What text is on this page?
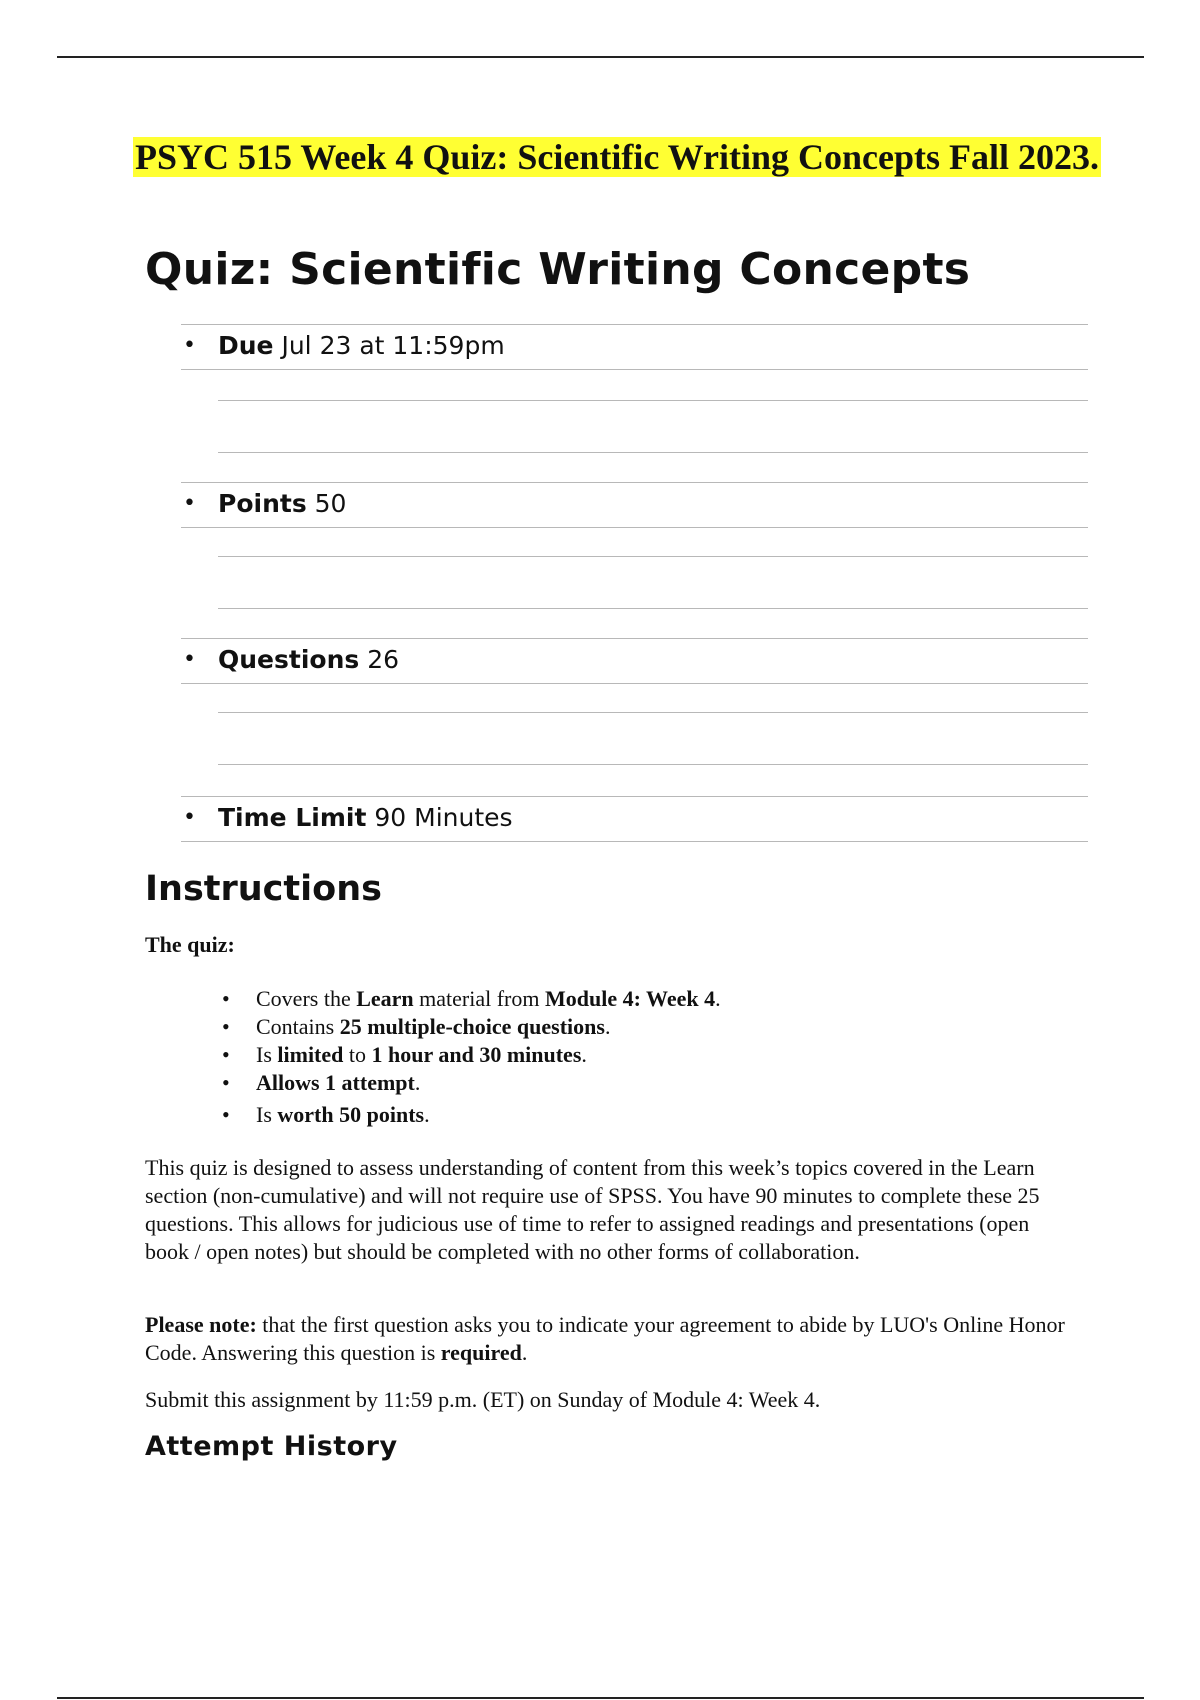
PSYC 515 Week 4 Quiz: Scientific Writing Concepts Fall 2023.
Quiz: Scientific Writing Concepts
• Due Jul 23 at 11:59pm
• Points 50
• Questions 26
• Time Limit 90 Minutes
Instructions
The quiz:
• Covers the Learn material from Module 4: Week 4.
• Contains 25 multiple-choice questions.
• Is limited to 1 hour and 30 minutes.
• Allows 1 attempt.
• Is worth 50 points.

This quiz is designed to assess understanding of content from this week’s topics covered in the Learn section (non-cumulative) and will not require use of SPSS. You have 90 minutes to complete these 25 questions. This allows for judicious use of time to refer to assigned readings and presentations (open book / open notes) but should be completed with no other forms of collaboration.

Please note: that the first question asks you to indicate your agreement to abide by LUO's Online Honor Code. Answering this question is required.

Submit this assignment by 11:59 p.m. (ET) on Sunday of Module 4: Week 4.

Attempt History
